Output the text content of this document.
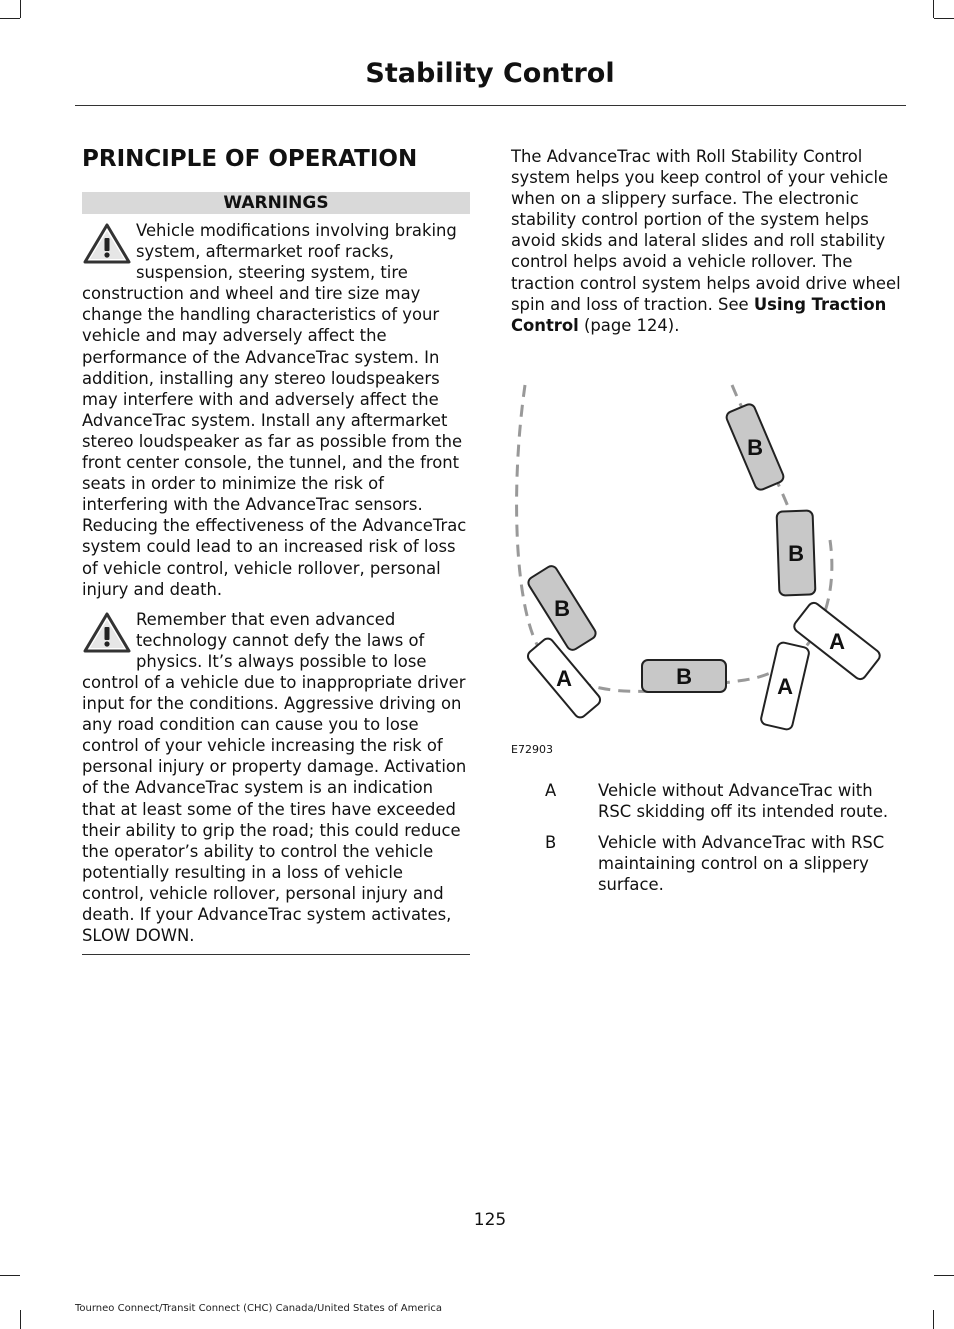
Stability Control
PRINCIPLE OF OPERATION
WARNINGS
Vehicle modifications involving braking system, aftermarket roof racks, suspension, steering system, tire construction and wheel and tire size may change the handling characteristics of your vehicle and may adversely affect the performance of the AdvanceTrac system. In addition, installing any stereo loudspeakers may interfere with and adversely affect the AdvanceTrac system. Install any aftermarket stereo loudspeaker as far as possible from the front center console, the tunnel, and the front seats in order to minimize the risk of interfering with the AdvanceTrac sensors. Reducing the effectiveness of the AdvanceTrac system could lead to an increased risk of loss of vehicle control, vehicle rollover, personal injury and death.
Remember that even advanced technology cannot defy the laws of physics. It’s always possible to lose control of a vehicle due to inappropriate driver input for the conditions. Aggressive driving on any road condition can cause you to lose control of your vehicle increasing the risk of personal injury or property damage. Activation of the AdvanceTrac system is an indication that at least some of the tires have exceeded their ability to grip the road; this could reduce the operator’s ability to control the vehicle potentially resulting in a loss of vehicle control, vehicle rollover, personal injury and death. If your AdvanceTrac system activates, SLOW DOWN.

The AdvanceTrac with Roll Stability Control system helps you keep control of your vehicle when on a slippery surface. The electronic stability control portion of the system helps avoid skids and lateral slides and roll stability control helps avoid a vehicle rollover. The traction control system helps avoid drive wheel spin and loss of traction. See Using Traction Control (page 124).

B
B
B
B
A
A
A
E72903
A	Vehicle without AdvanceTrac with RSC skidding off its intended route.
B	Vehicle with AdvanceTrac with RSC maintaining control on a slippery surface.
125
Tourneo Connect/Transit Connect (CHC) Canada/United States of America
